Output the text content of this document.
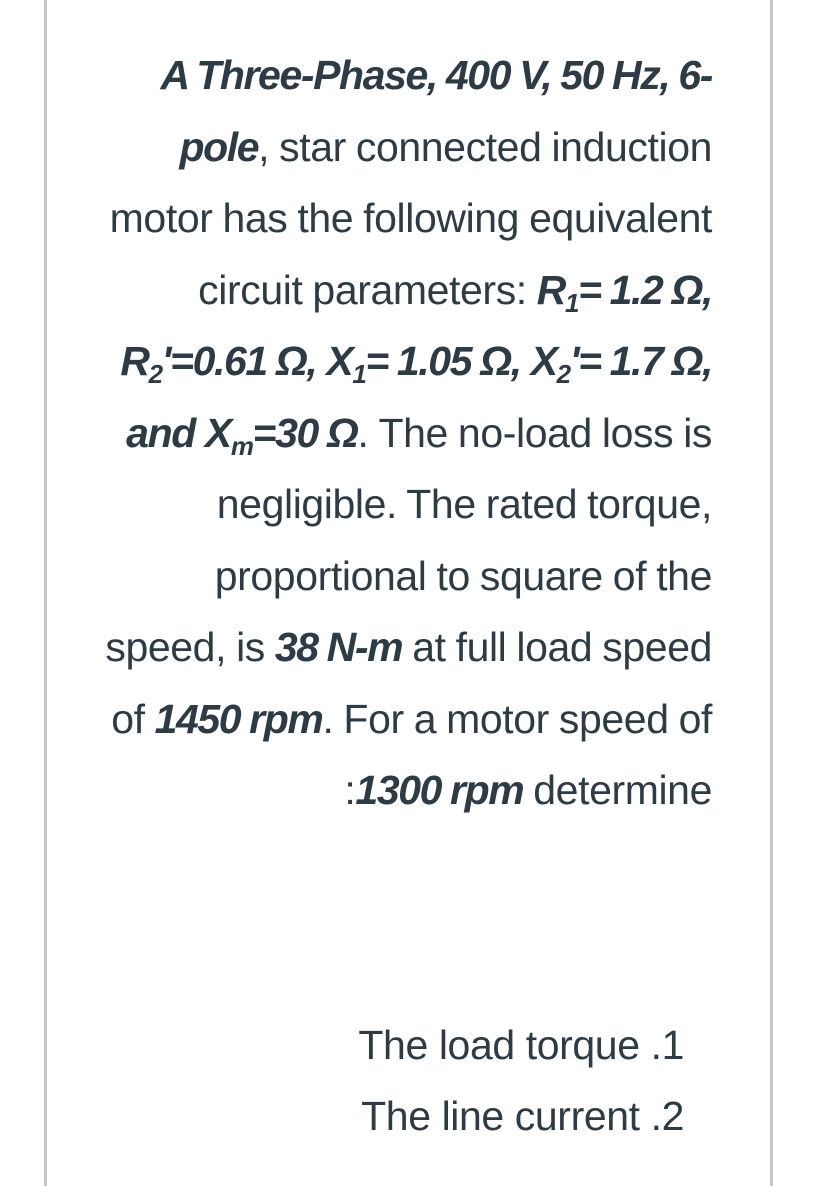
A Three-Phase, 400 V, 50 Hz, 6-pole, star connected induction motor has the following equivalent circuit parameters: $R_1= 1.2$ Ω, $R_2'=0.61$ Ω, $X_1= 1.05$ Ω, $X_2'= 1.7$ Ω, and $X_m=30$ Ω. The no-load loss is negligible. The rated torque, proportional to square of the speed, is 38 N-m at full load speed of 1450 rpm. For a motor speed of :1300 rpm determine
The load torque .1
The line current .2
